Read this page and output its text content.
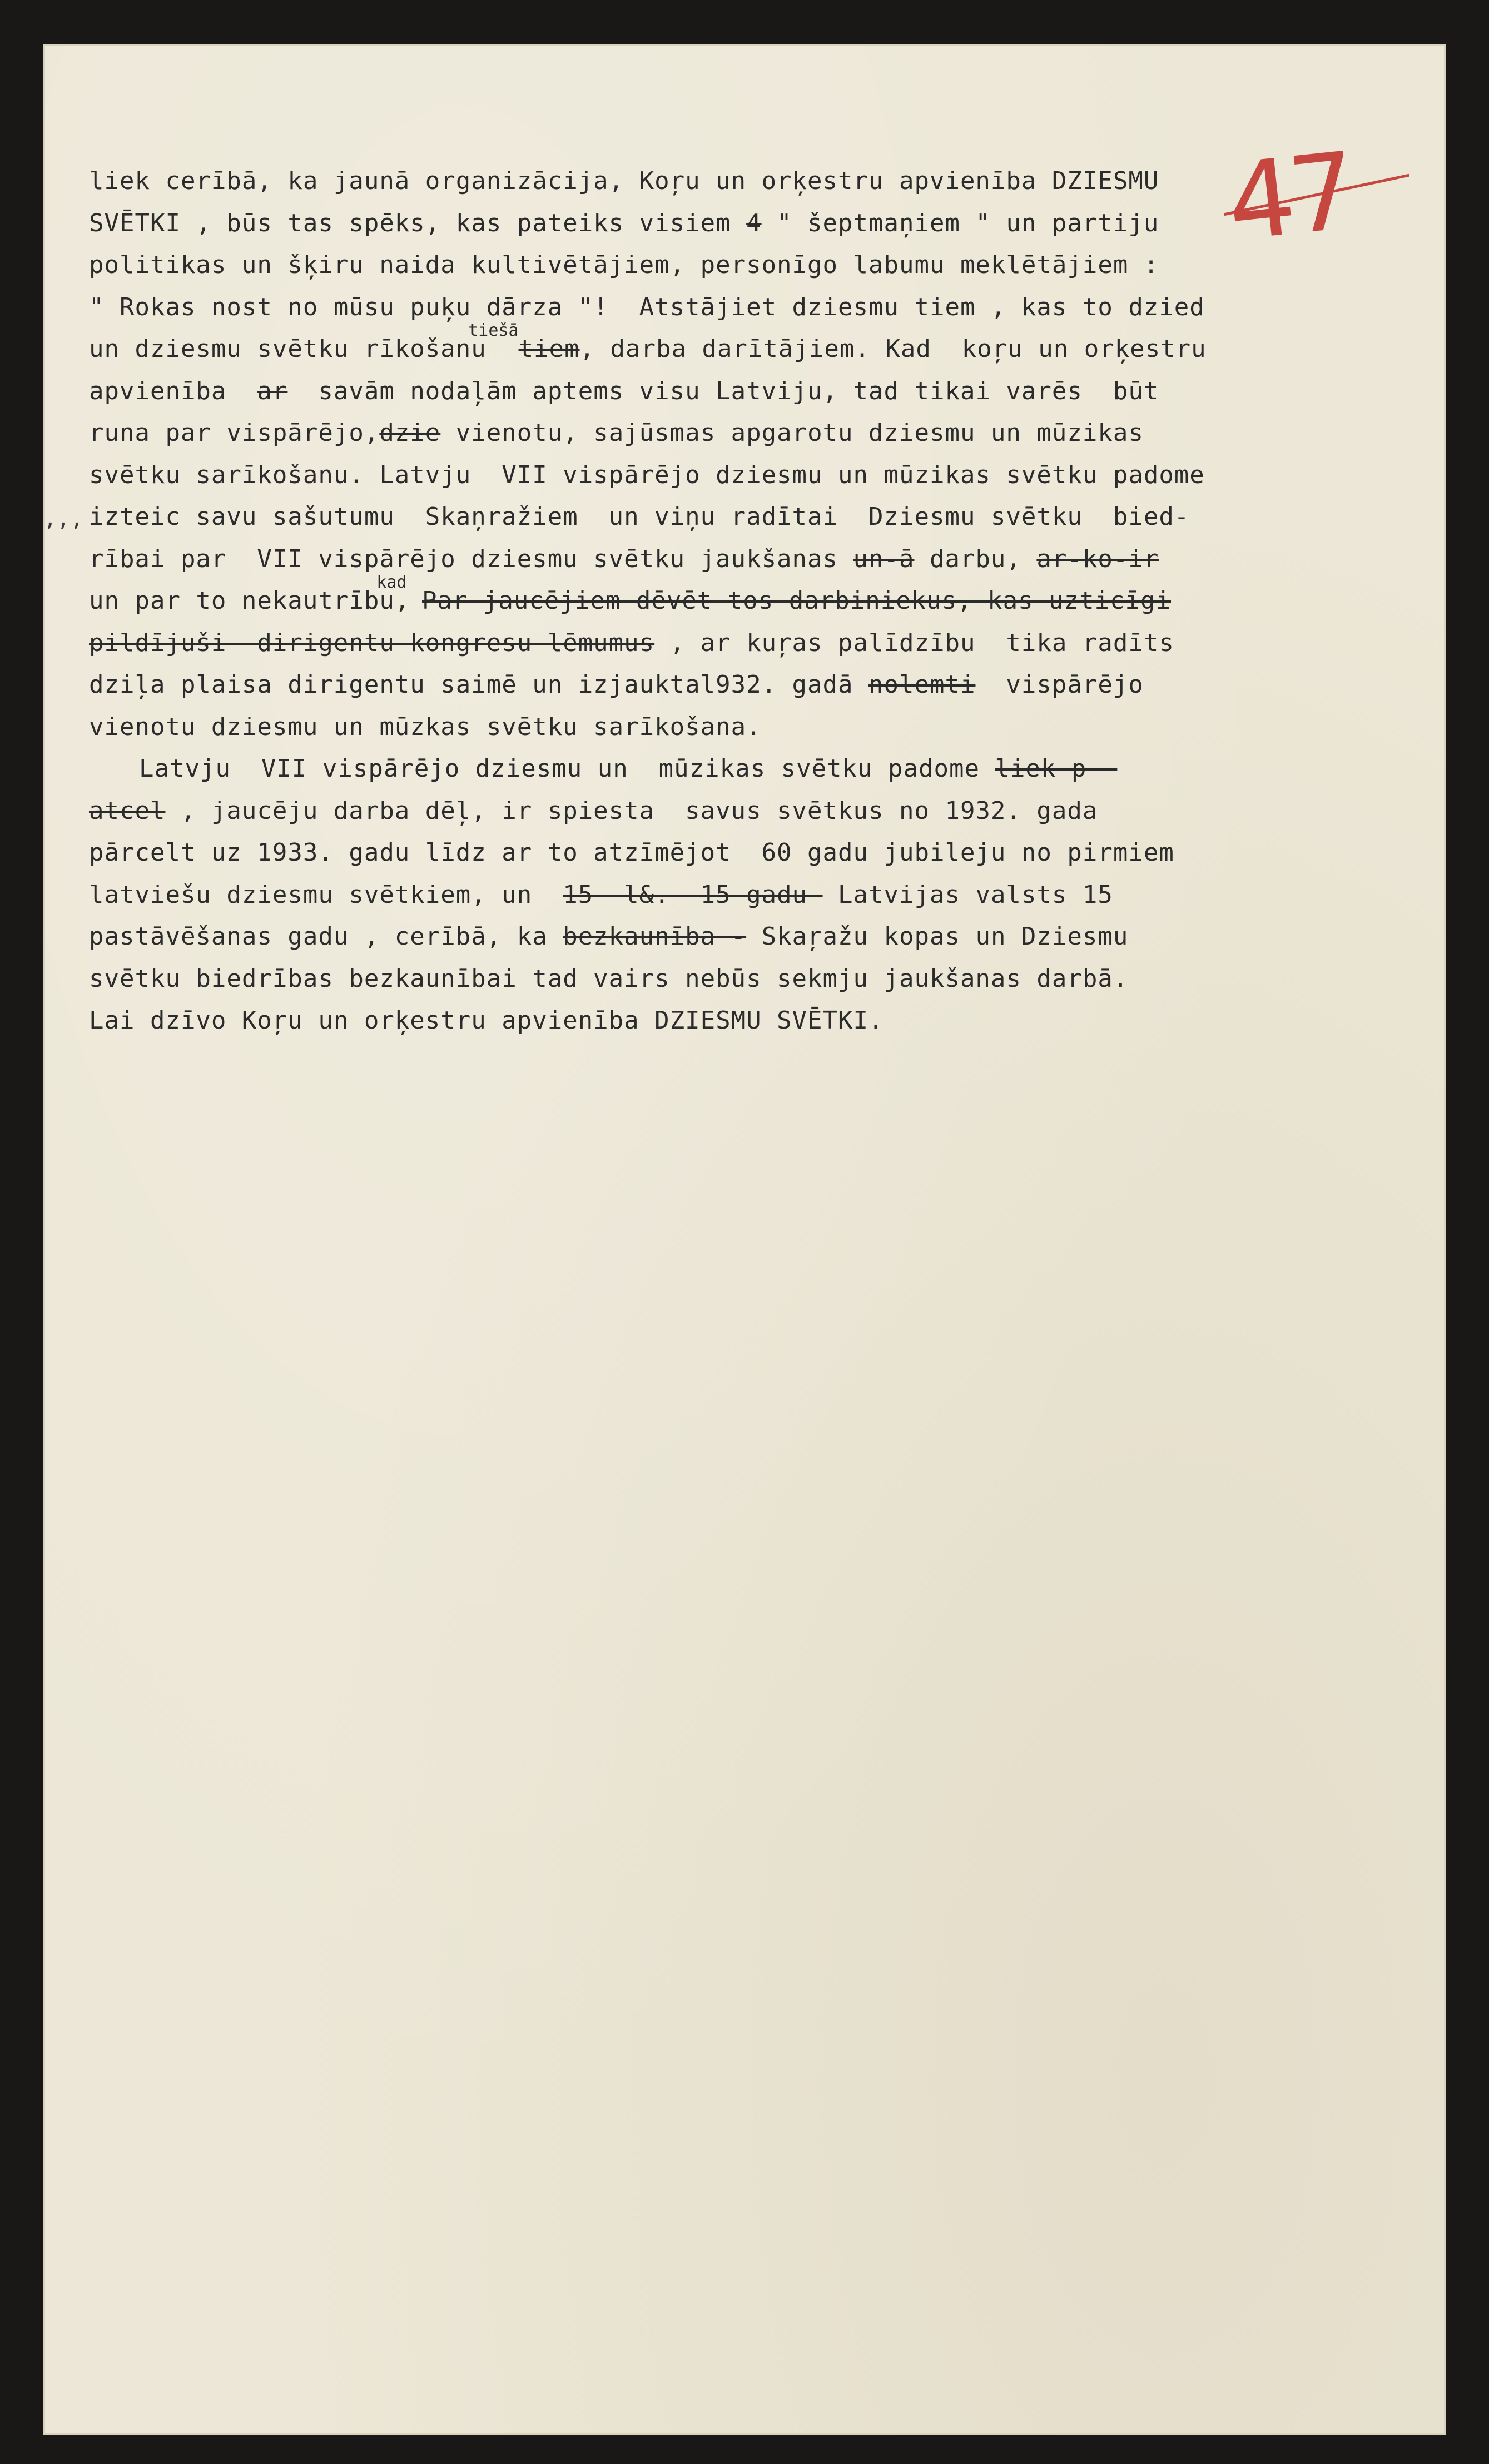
47
,,,
liek cerībā, ka jaunā organizācija, Koŗu un orķestru apvienība DZIESMU
SVĒTKI , būs tas spēks, kas pateiks visiem 4 " šeptmaņiem " un partiju
politikas un šķiru naida kultivētājiem, personīgo labumu meklētājiem :
" Rokas nost no mūsu puķu dārza "!  Atstājiet dziesmu tiem , kas to dzied
un dziesmu svētku rīkošanu $^{tiešā}$tiem, darba darītājiem. Kad  koŗu un orķestru
apvienība  ar  savām nodaļām aptems visu Latviju, tad tikai varēs  būt
runa par vispārējo,dzie vienotu, sajūsmas apgarotu dziesmu un mūzikas
svētku sarīkošanu. Latvju  VII vispārējo dziesmu un mūzikas svētku padome
izteic savu sašutumu  Skaņražiem  un viņu radītai  Dziesmu svētku  bied-
rībai par  VII vispārējo dziesmu svētku jaukšanas un-ā darbu, ar-ko-ir
un par to nekautrību,$^{kad}$ Par jaucējiem dēvēt tos darbiniekus, kas uzticīgi
pildījuši  dirigentu kongresu lēmumus , ar kuŗas palīdzību  tika radīts
dziļa plaisa dirigentu saimē un izjauktal932. gadā nolemti  vispārējo
vienotu dziesmu un mūzkas svētku sarīkošana.
Latvju  VII vispārējo dziesmu un  mūzikas svētku padome liek p--
atcel , jaucēju darba dēļ, ir spiesta  savus svētkus no 1932. gada
pārcelt uz 1933. gadu līdz ar to atzīmējot  60 gadu jubileju no pirmiem
latviešu dziesmu svētkiem, un  15- l&.--15 gadu- Latvijas valsts 15
pastāvēšanas gadu , cerībā, ka bezkaunība - Skaŗažu kopas un Dziesmu
svētku biedrības bezkaunībai tad vairs nebūs sekmju jaukšanas darbā.
Lai dzīvo Koŗu un orķestru apvienība DZIESMU SVĒTKI.
